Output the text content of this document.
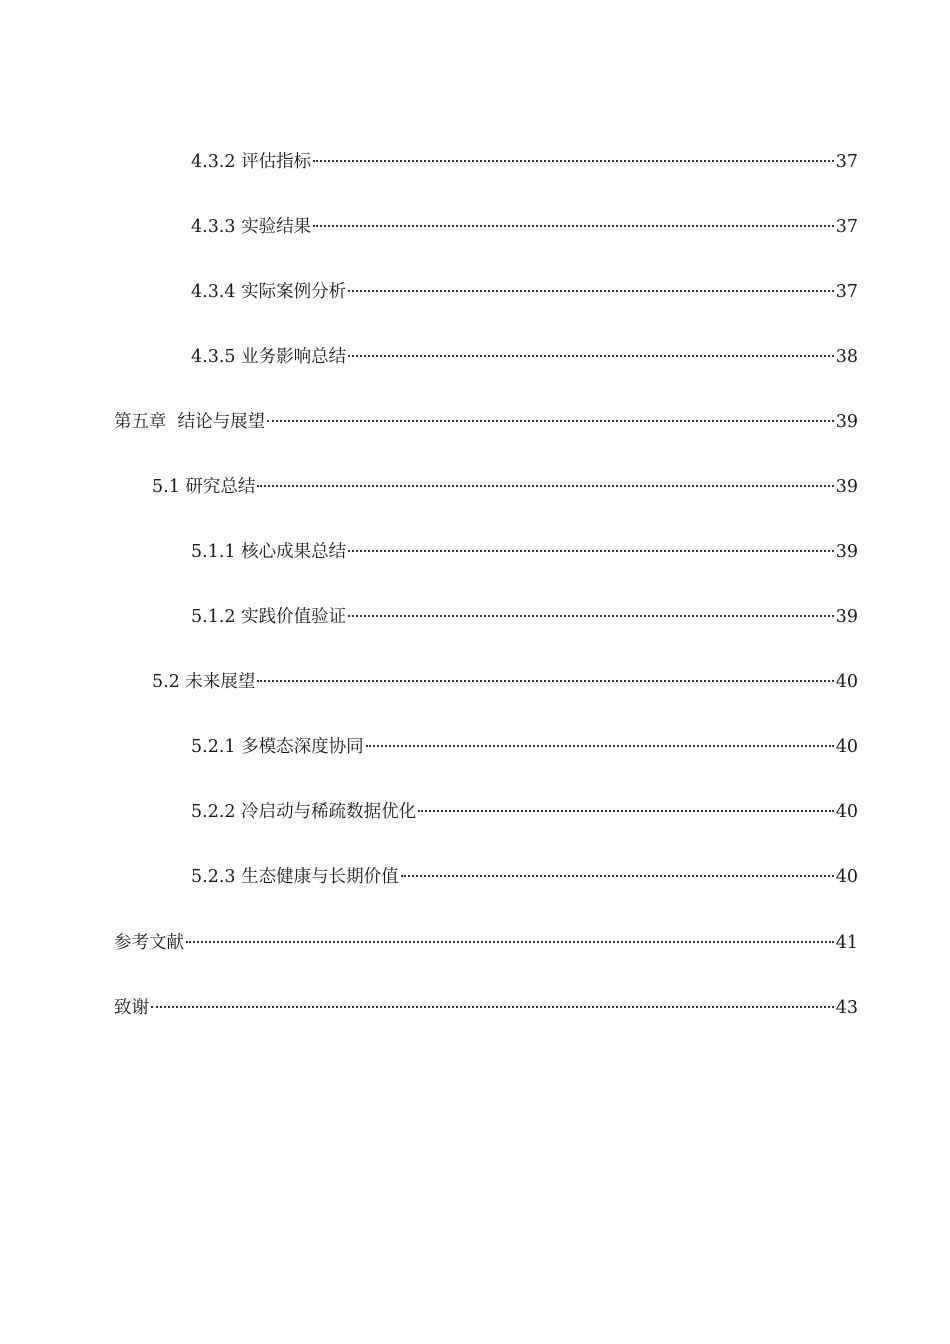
4.3.2 评估指标	37
4.3.3 实验结果	37
4.3.4 实际案例分析	37
4.3.5 业务影响总结	38
第五章  结论与展望	39
5.1 研究总结	39
5.1.1 核心成果总结	39
5.1.2 实践价值验证	39
5.2 未来展望	40
5.2.1 多模态深度协同	40
5.2.2 冷启动与稀疏数据优化	40
5.2.3 生态健康与长期价值	40
参考文献	41
致谢	43
